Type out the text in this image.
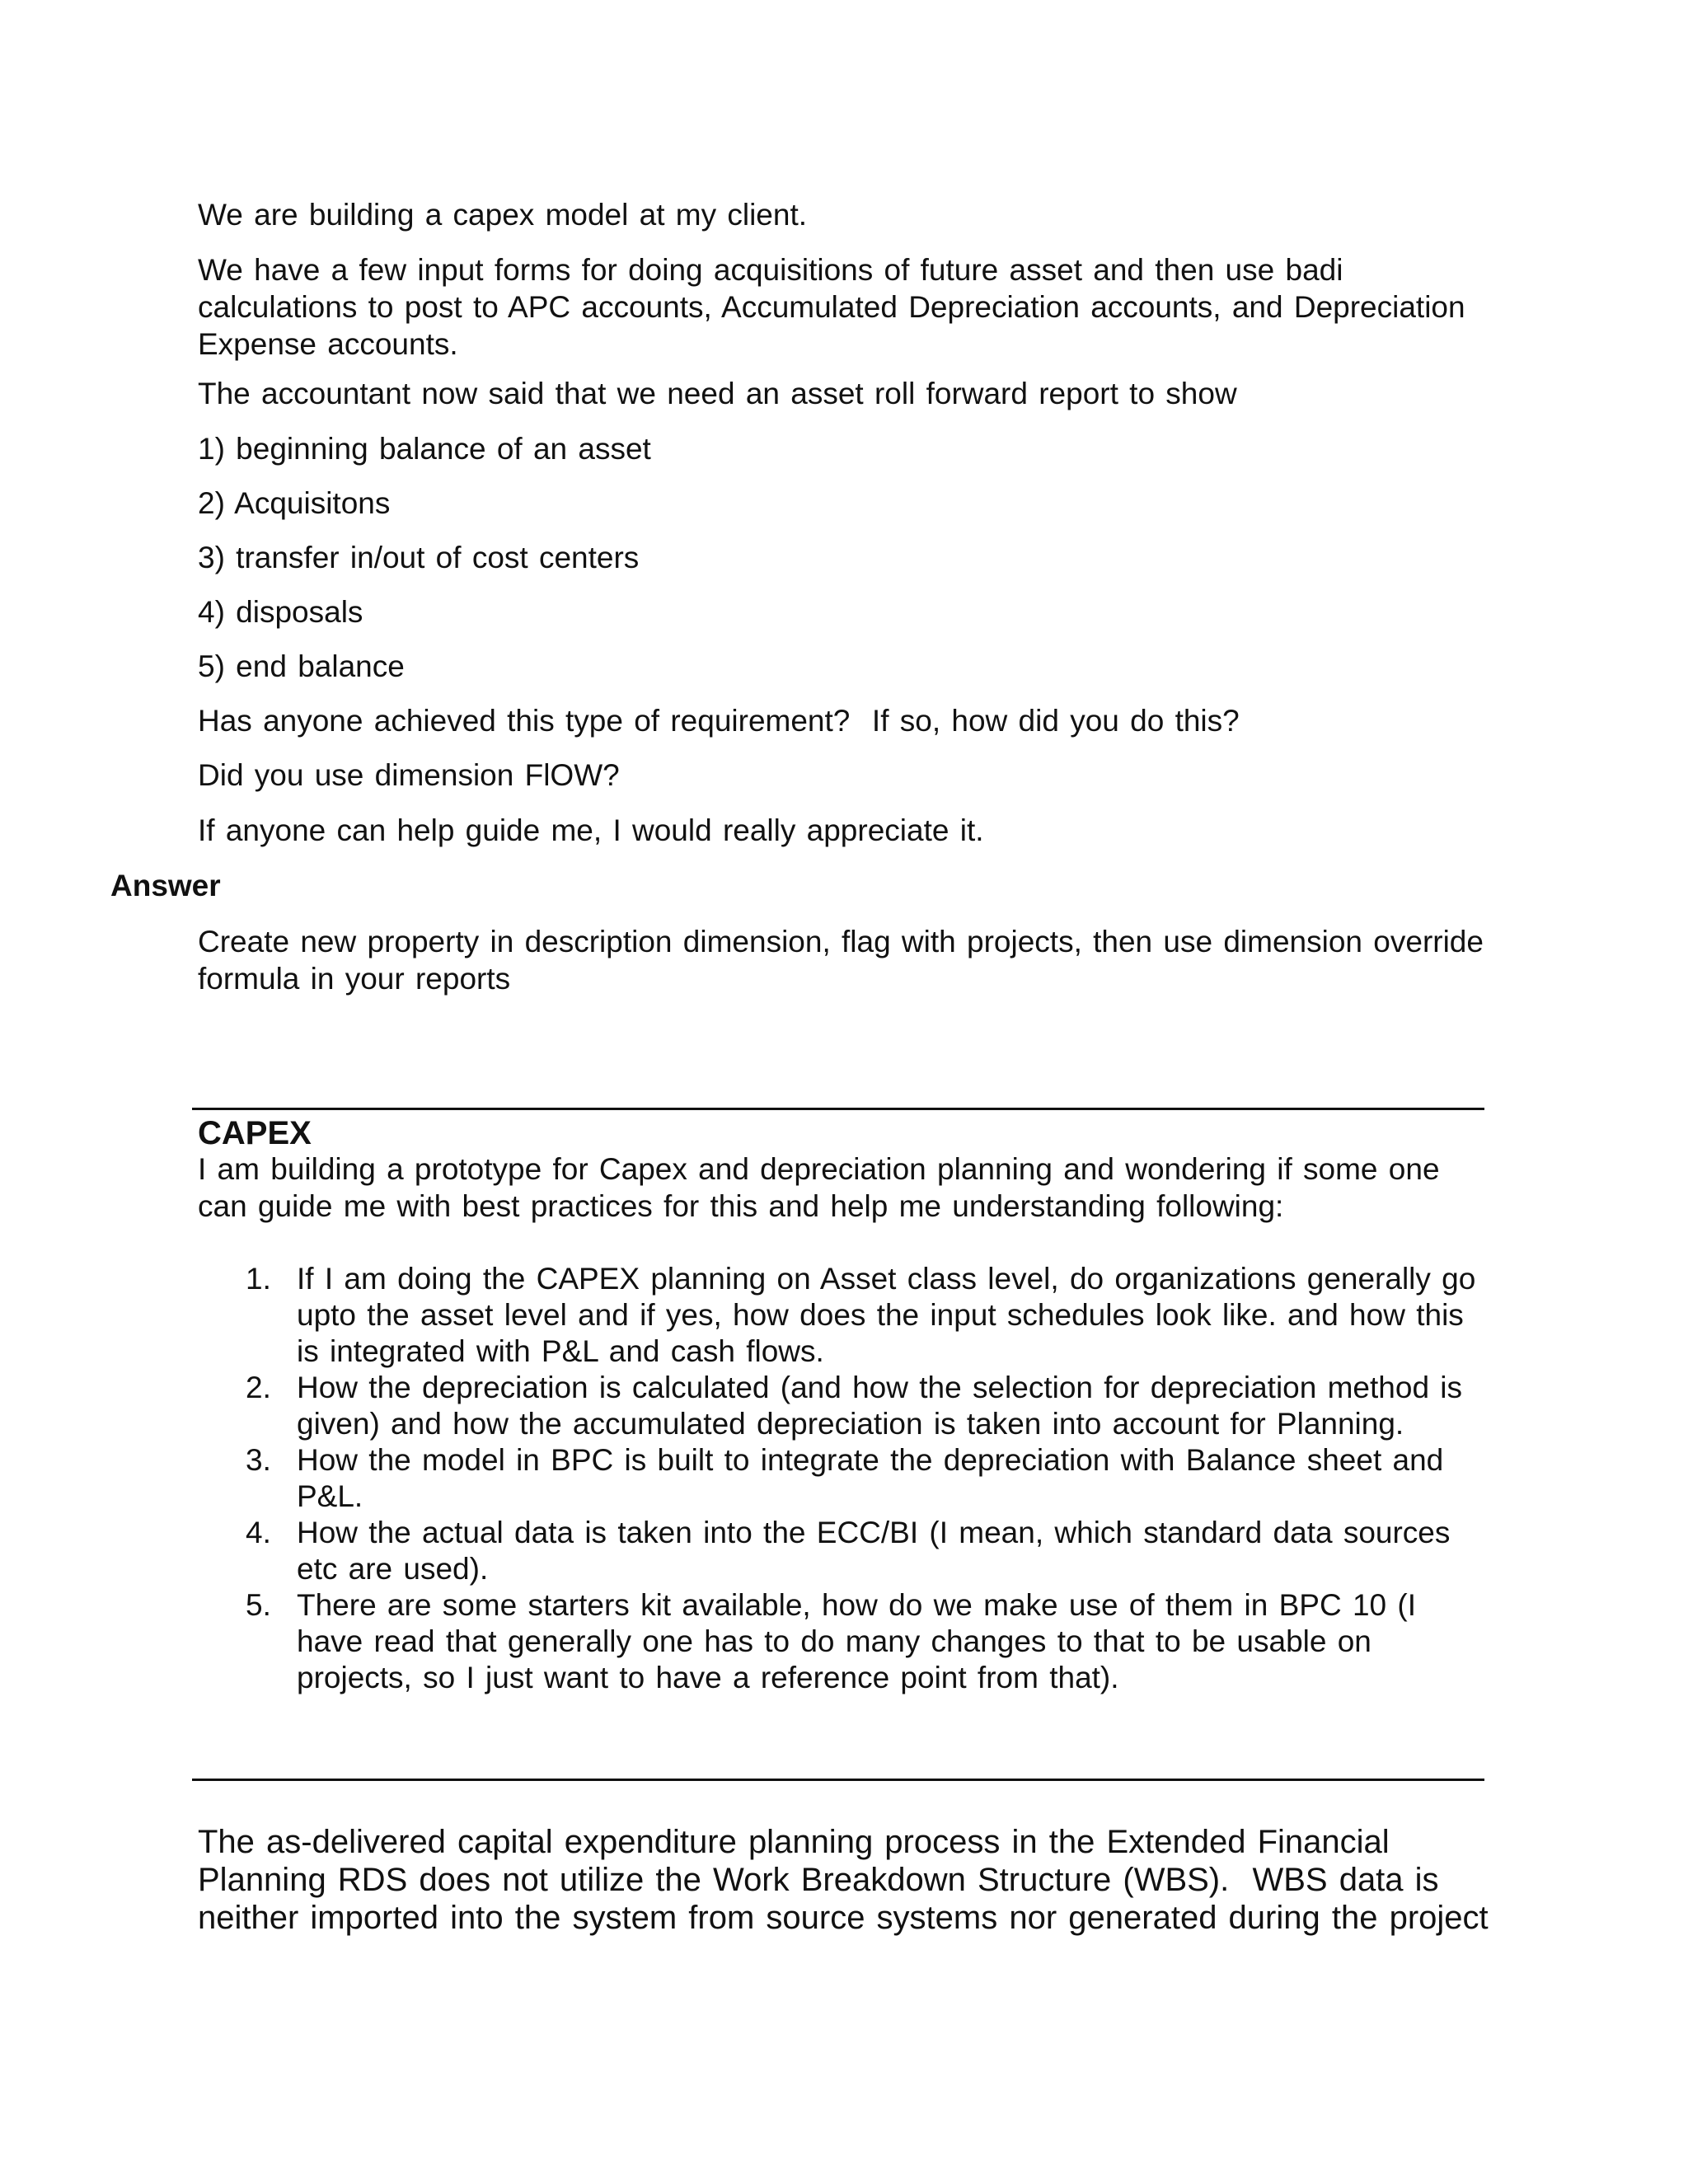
We are building a capex model at my client.

We have a few input forms for doing acquisitions of future asset and then use badi calculations to post to APC accounts, Accumulated Depreciation accounts, and Depreciation Expense accounts.

The accountant now said that we need an asset roll forward report to show

1) beginning balance of an asset

2) Acquisitons

3) transfer in/out of cost centers

4) disposals

5) end balance

Has anyone achieved this type of requirement?  If so, how did you do this?

Did you use dimension FlOW?

If anyone can help guide me, I would really appreciate it.

Answer

Create new property in description dimension, flag with projects, then use dimension override formula in your reports

CAPEX

I am building a prototype for Capex and depreciation planning and wondering if some one can guide me with best practices for this and help me understanding following:

1. If I am doing the CAPEX planning on Asset class level, do organizations generally go upto the asset level and if yes, how does the input schedules look like. and how this is integrated with P&L and cash flows.
2. How the depreciation is calculated (and how the selection for depreciation method is given) and how the accumulated depreciation is taken into account for Planning.
3. How the model in BPC is built to integrate the depreciation with Balance sheet and P&L.
4. How the actual data is taken into the ECC/BI (I mean, which standard data sources etc are used).
5. There are some starters kit available, how do we make use of them in BPC 10 (I have read that generally one has to do many changes to that to be usable on projects, so I just want to have a reference point from that).

The as-delivered capital expenditure planning process in the Extended Financial Planning RDS does not utilize the Work Breakdown Structure (WBS).  WBS data is neither imported into the system from source systems nor generated during the project
